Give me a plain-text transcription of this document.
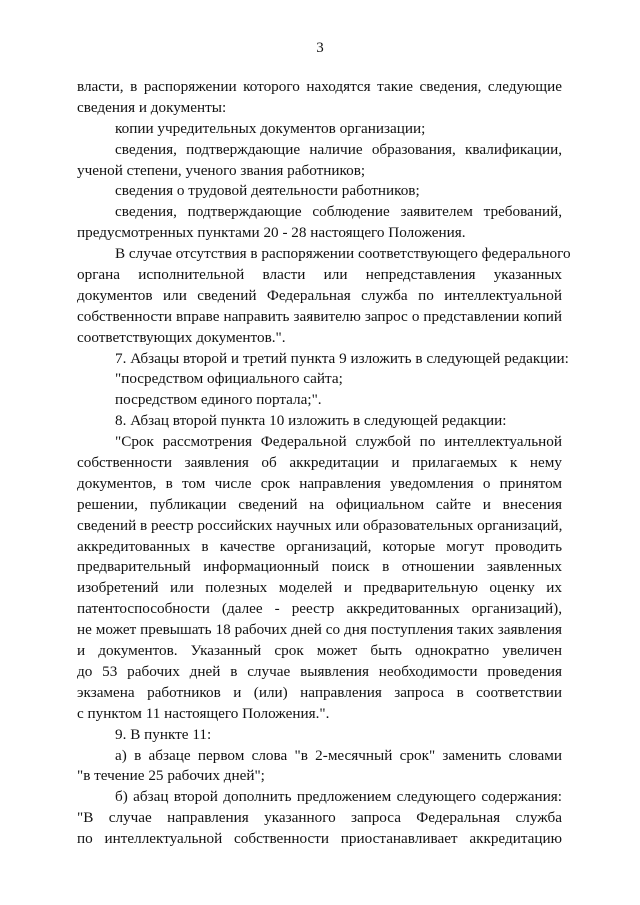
3
власти, в распоряжении которого находятся такие сведения, следующие
сведения и документы:
копии учредительных документов организации;
сведения, подтверждающие наличие образования, квалификации,
ученой степени, ученого звания работников;
сведения о трудовой деятельности работников;
сведения, подтверждающие соблюдение заявителем требований,
предусмотренных пунктами 20 - 28 настоящего Положения.
В случае отсутствия в распоряжении соответствующего федерального
органа исполнительной власти или непредставления указанных
документов или сведений Федеральная служба по интеллектуальной
собственности вправе направить заявителю запрос о представлении копий
соответствующих документов.".
7. Абзацы второй и третий пункта 9 изложить в следующей редакции:
"посредством официального сайта;
посредством единого портала;".
8. Абзац второй пункта 10 изложить в следующей редакции:
"Срок рассмотрения Федеральной службой по интеллектуальной
собственности заявления об аккредитации и прилагаемых к нему
документов, в том числе срок направления уведомления о принятом
решении, публикации сведений на официальном сайте и внесения
сведений в реестр российских научных или образовательных организаций,
аккредитованных в качестве организаций, которые могут проводить
предварительный информационный поиск в отношении заявленных
изобретений или полезных моделей и предварительную оценку их
патентоспособности (далее - реестр аккредитованных организаций),
не может превышать 18 рабочих дней со дня поступления таких заявления
и документов. Указанный срок может быть однократно увеличен
до 53 рабочих дней в случае выявления необходимости проведения
экзамена работников и (или) направления запроса в соответствии
с пунктом 11 настоящего Положения.".
9. В пункте 11:
а) в абзаце первом слова "в 2-месячный срок" заменить словами
"в течение 25 рабочих дней";
б) абзац второй дополнить предложением следующего содержания:
"В случае направления указанного запроса Федеральная служба
по интеллектуальной собственности приостанавливает аккредитацию
